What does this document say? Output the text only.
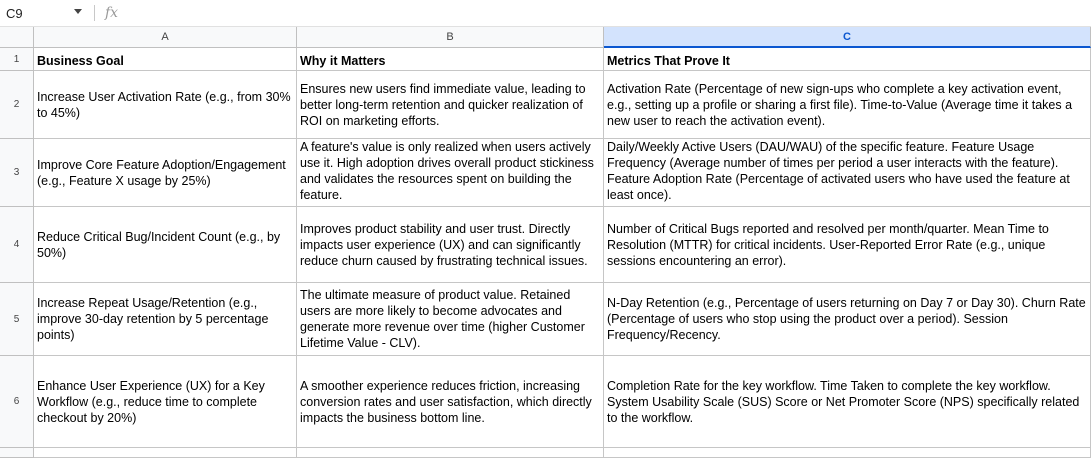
C9	fx
A	B	C
1	Business Goal	Why it Matters	Metrics That Prove It
2
Increase User Activation Rate (e.g., from 30% to 45%)
Ensures new users find immediate value, leading to better long-term retention and quicker realization of ROI on marketing efforts.
Activation Rate (Percentage of new sign-ups who complete a key activation event, e.g., setting up a profile or sharing a first file). Time-to-Value (Average time it takes a new user to reach the activation event).
3
Improve Core Feature Adoption/Engagement (e.g., Feature X usage by 25%)
A feature's value is only realized when users actively use it. High adoption drives overall product stickiness and validates the resources spent on building the feature.
Daily/Weekly Active Users (DAU/WAU) of the specific feature. Feature Usage Frequency (Average number of times per period a user interacts with the feature). Feature Adoption Rate (Percentage of activated users who have used the feature at least once).
4
Reduce Critical Bug/Incident Count (e.g., by 50%)
Improves product stability and user trust. Directly impacts user experience (UX) and can significantly reduce churn caused by frustrating technical issues.
Number of Critical Bugs reported and resolved per month/quarter. Mean Time to Resolution (MTTR) for critical incidents. User-Reported Error Rate (e.g., unique sessions encountering an error).
5
Increase Repeat Usage/Retention (e.g., improve 30-day retention by 5 percentage points)
The ultimate measure of product value. Retained users are more likely to become advocates and generate more revenue over time (higher Customer Lifetime Value - CLV).
N-Day Retention (e.g., Percentage of users returning on Day 7 or Day 30). Churn Rate (Percentage of users who stop using the product over a period). Session Frequency/Recency.
6
Enhance User Experience (UX) for a Key Workflow (e.g., reduce time to complete checkout by 20%)
A smoother experience reduces friction, increasing conversion rates and user satisfaction, which directly impacts the business bottom line.
Completion Rate for the key workflow. Time Taken to complete the key workflow. System Usability Scale (SUS) Score or Net Promoter Score (NPS) specifically related to the workflow.
